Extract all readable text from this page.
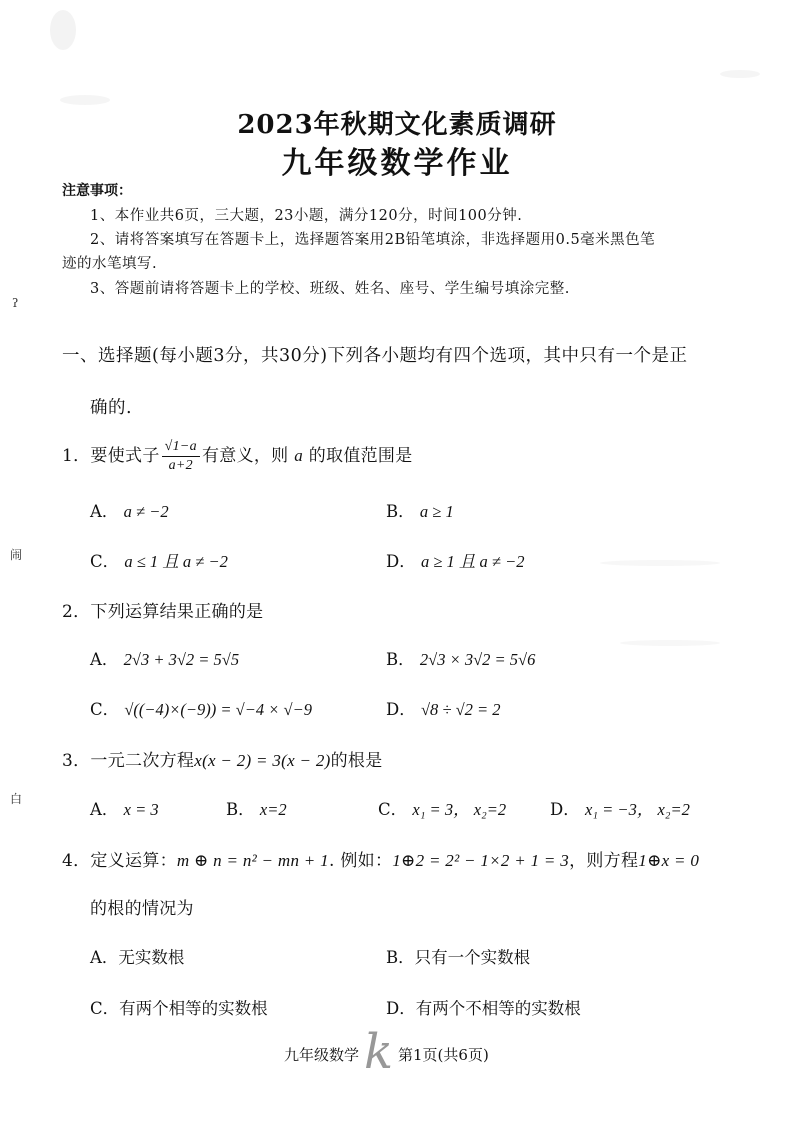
ʔ
闹
白
2023年秋期文化素质调研
九年级数学作业
注意事项：
1、本作业共6页，三大题，23小题，满分120分，时间100分钟.
2、请将答案填写在答题卡上，选择题答案用2B铅笔填涂，非选择题用0.5毫米黑色笔
迹的水笔填写.
3、答题前请将答题卡上的学校、班级、姓名、座号、学生编号填涂完整.
一、选择题(每小题3分，共30分)下列各小题均有四个选项，其中只有一个是正
确的.
1．要使式子 $\frac{√1-a}{a+2}$ 有意义，则 a 的取值范围是
A． a ≠ −2	B． a ≥ 1
C． a ≤ 1 且 a ≠ −2	D． a ≥ 1 且 a ≠ −2
2．下列运算结果正确的是
A． 2√3 + 3√2 = 5√5	B． 2√3 × 3√2 = 5√6
C． √((−4)×(−9)) = √−4 × √−9	D． √8 ÷ √2 = 2
3．一元二次方程x(x − 2) = 3(x − 2)的根是
A． x = 3	B． x=2	C． x₁ = 3， x₂=2	D． x₁ = −3， x₂=2
4．定义运算：m ⊕ n = n² − mn + 1. 例如：1⊕2 = 2² − 1×2 + 1 = 3，则方程1⊕x = 0
的根的情况为
A．无实数根	B．只有一个实数根
C．有两个相等的实数根	D．有两个不相等的实数根
九年级数学 k 第1页(共6页)
